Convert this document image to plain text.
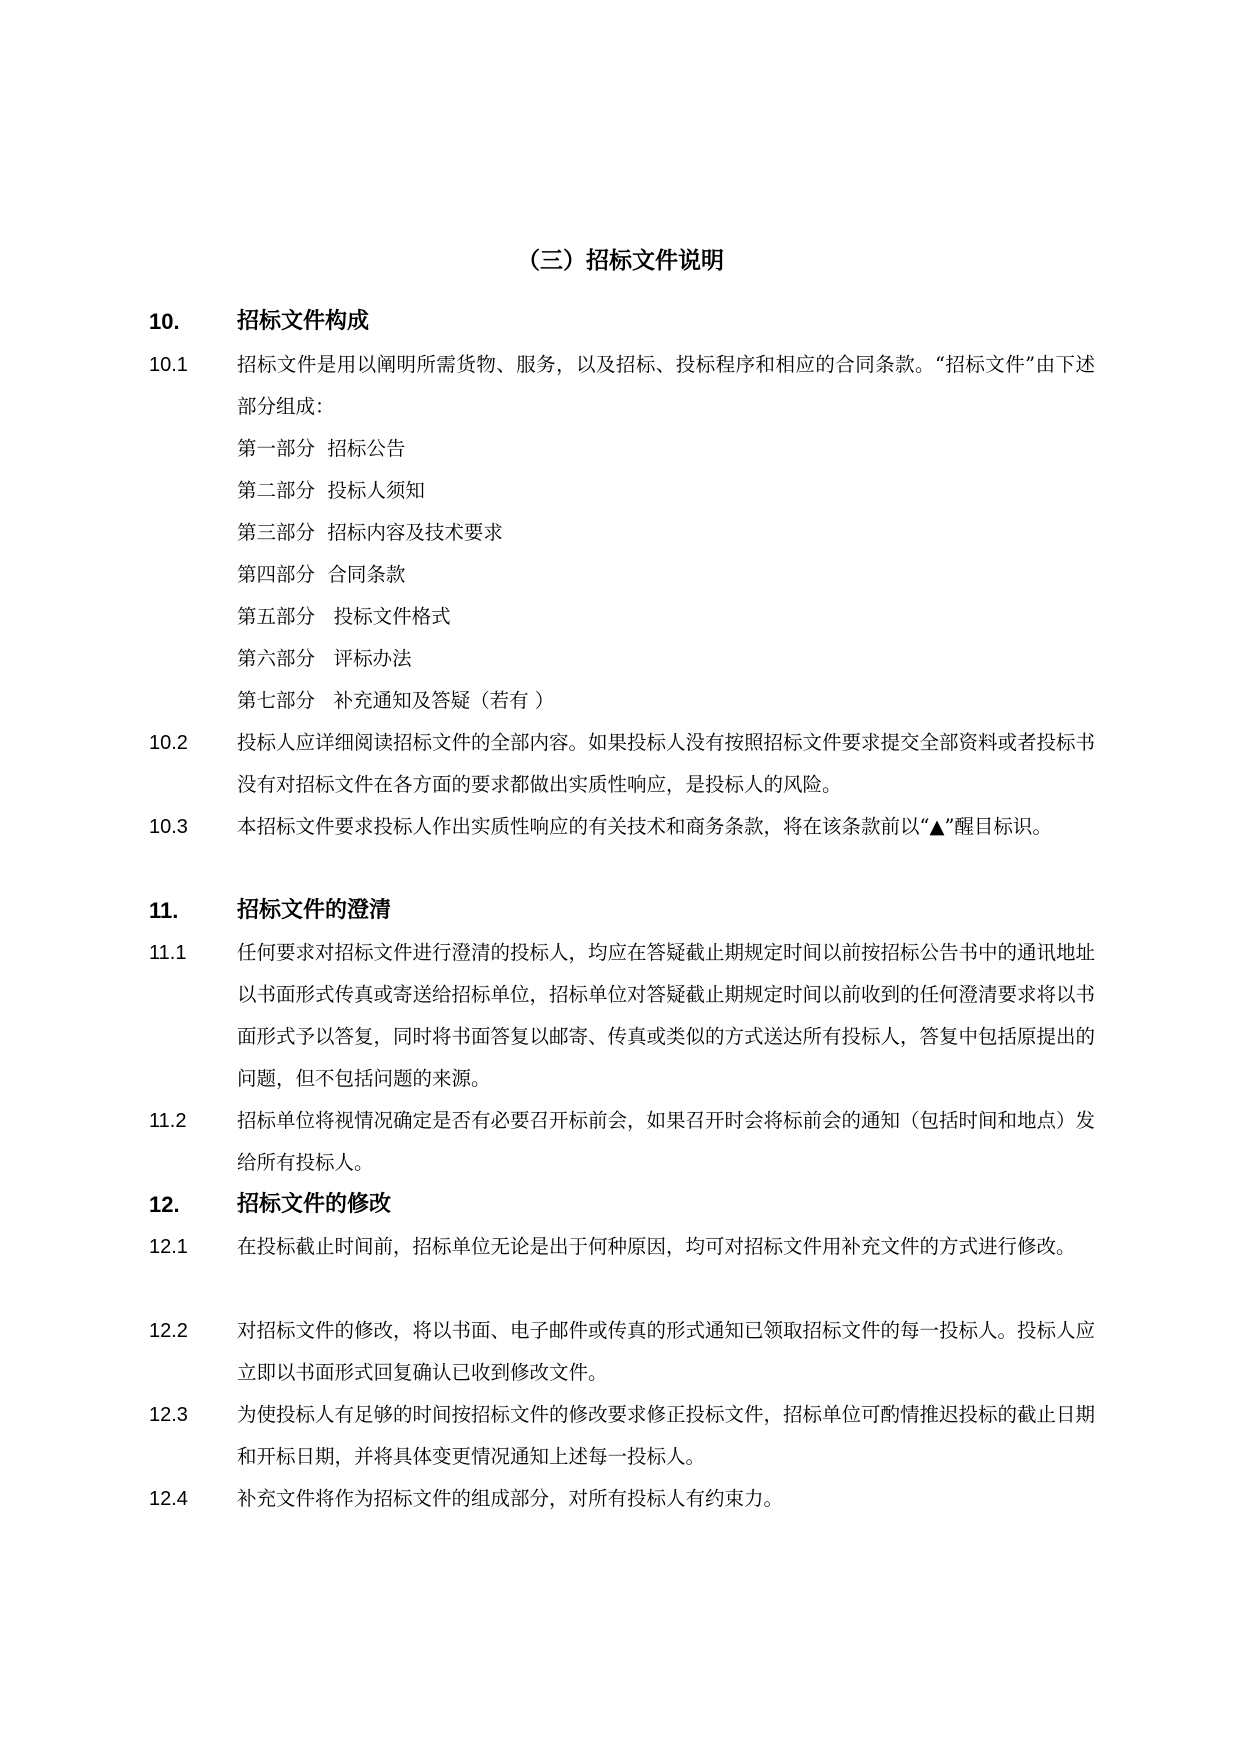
（三）招标文件说明
10.	招标文件构成
10.1	招标文件是用以阐明所需货物、服务，以及招标、投标程序和相应的合同条款。“招标文件”由下述部分组成：
第一部分  招标公告
第二部分  投标人须知
第三部分  招标内容及技术要求
第四部分  合同条款
第五部分   投标文件格式
第六部分   评标办法
第七部分   补充通知及答疑（若有 ）
10.2	投标人应详细阅读招标文件的全部内容。如果投标人没有按照招标文件要求提交全部资料或者投标书没有对招标文件在各方面的要求都做出实质性响应，是投标人的风险。
10.3	本招标文件要求投标人作出实质性响应的有关技术和商务条款，将在该条款前以“▲”醒目标识。
11.	招标文件的澄清
11.1	任何要求对招标文件进行澄清的投标人，均应在答疑截止期规定时间以前按招标公告书中的通讯地址以书面形式传真或寄送给招标单位，招标单位对答疑截止期规定时间以前收到的任何澄清要求将以书面形式予以答复，同时将书面答复以邮寄、传真或类似的方式送达所有投标人，答复中包括原提出的问题，但不包括问题的来源。
11.2	招标单位将视情况确定是否有必要召开标前会，如果召开时会将标前会的通知（包括时间和地点）发给所有投标人。
12.	招标文件的修改
12.1	在投标截止时间前，招标单位无论是出于何种原因，均可对招标文件用补充文件的方式进行修改。
12.2	对招标文件的修改，将以书面、电子邮件或传真的形式通知已领取招标文件的每一投标人。投标人应立即以书面形式回复确认已收到修改文件。
12.3	为使投标人有足够的时间按招标文件的修改要求修正投标文件，招标单位可酌情推迟投标的截止日期和开标日期，并将具体变更情况通知上述每一投标人。
12.4	补充文件将作为招标文件的组成部分，对所有投标人有约束力。
